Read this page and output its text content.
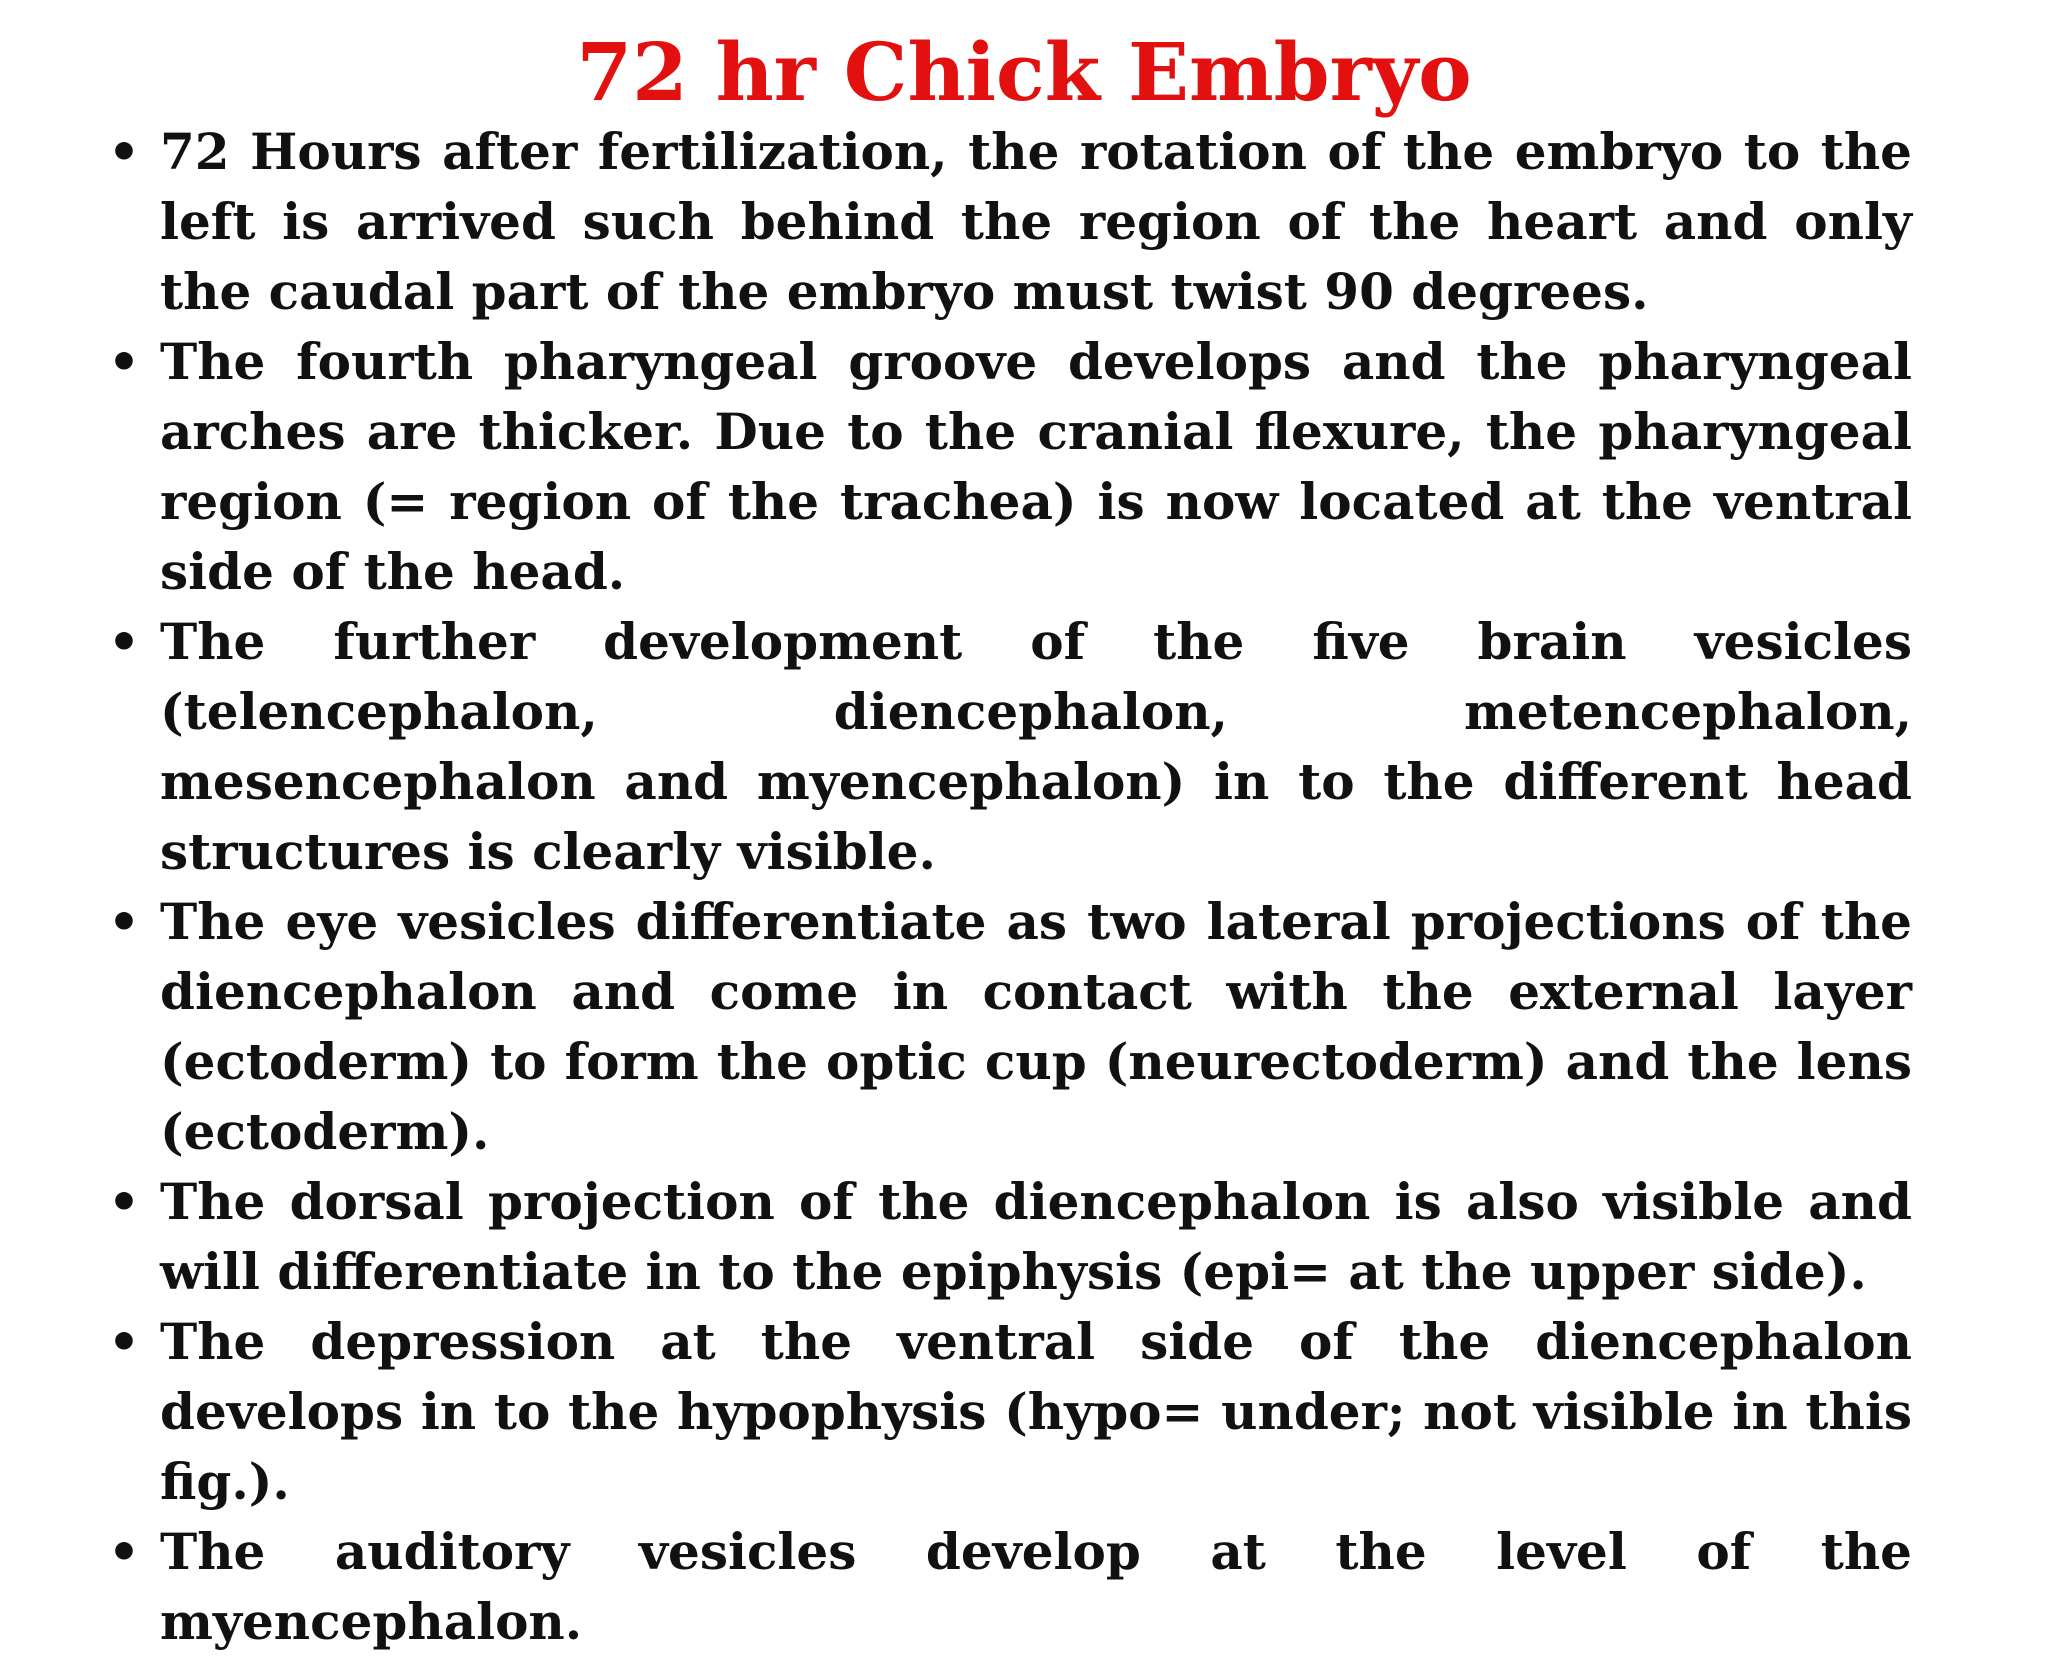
72 hr Chick Embryo
• 72 Hours after fertilization, the rotation of the embryo to the left is arrived such behind the region of the heart and only the caudal part of the embryo must twist 90 degrees.
• The fourth pharyngeal groove develops and the pharyngeal arches are thicker. Due to the cranial flexure, the pharyngeal region (= region of the trachea) is now located at the ventral side of the head.
• The further development of the five brain vesicles (telencephalon, diencephalon, metencephalon, mesencephalon and myencephalon) in to the different head structures is clearly visible.
• The eye vesicles differentiate as two lateral projections of the diencephalon and come in contact with the external layer (ectoderm) to form the optic cup (neurectoderm) and the lens (ectoderm).
• The dorsal projection of the diencephalon is also visible and will differentiate in to the epiphysis (epi= at the upper side).
• The depression at the ventral side of the diencephalon develops in to the hypophysis (hypo= under; not visible in this fig.).
• The auditory vesicles develop at the level of the myencephalon.
